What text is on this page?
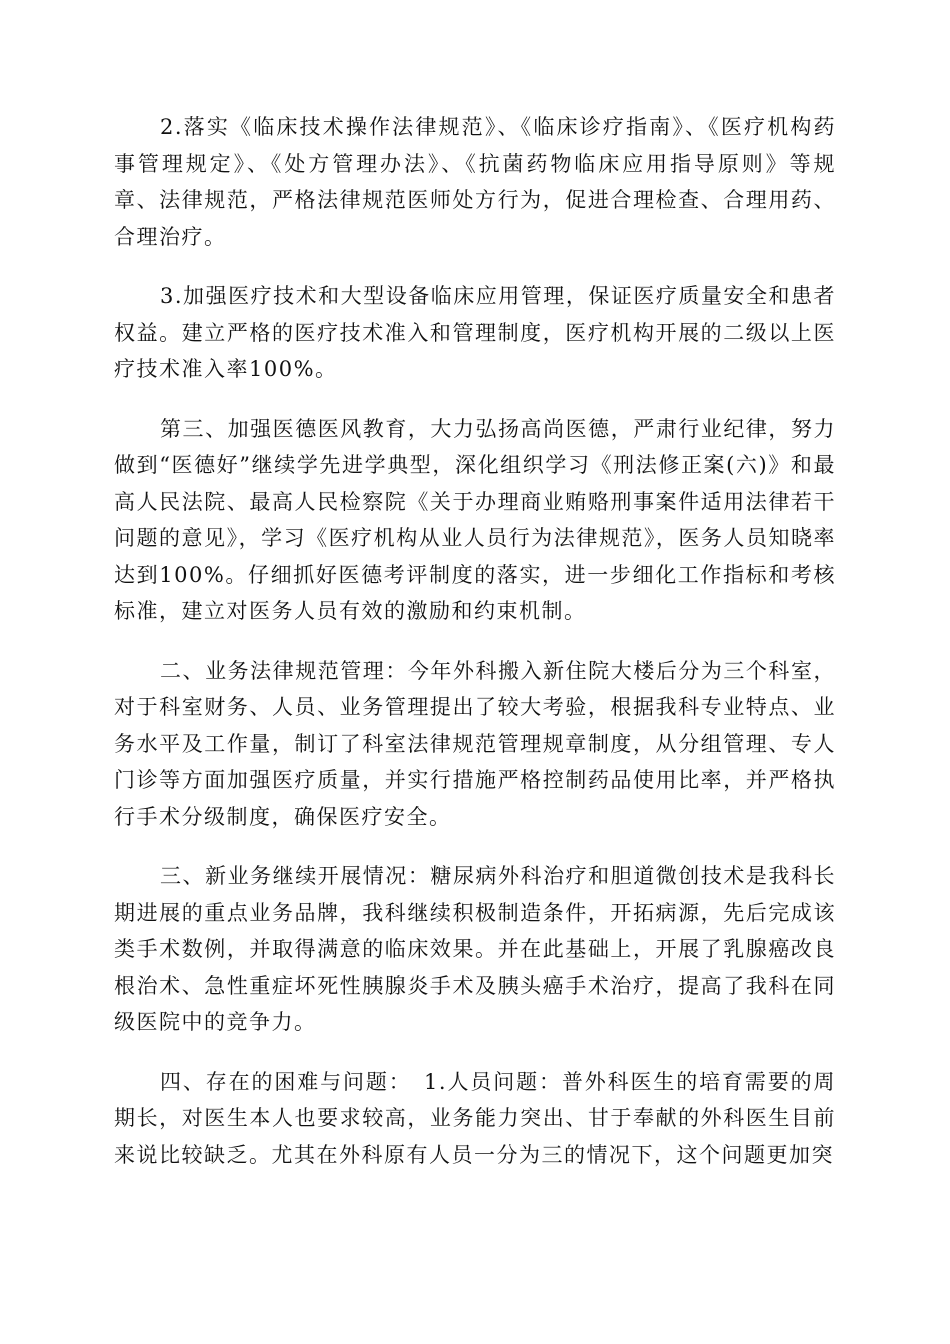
2.落实《临床技术操作法律规范》、《临床诊疗指南》、《医疗机构药事管理规定》、《处方管理办法》、《抗菌药物临床应用指导原则》等规章、法律规范，严格法律规范医师处方行为，促进合理检查、合理用药、合理治疗。

3.加强医疗技术和大型设备临床应用管理，保证医疗质量安全和患者权益。建立严格的医疗技术准入和管理制度，医疗机构开展的二级以上医疗技术准入率100%。

第三、加强医德医风教育，大力弘扬高尚医德，严肃行业纪律，努力做到“医德好”继续学先进学典型，深化组织学习《刑法修正案(六)》和最高人民法院、最高人民检察院《关于办理商业贿赂刑事案件适用法律若干问题的意见》，学习《医疗机构从业人员行为法律规范》，医务人员知晓率达到100%。仔细抓好医德考评制度的落实，进一步细化工作指标和考核标准，建立对医务人员有效的激励和约束机制。

二、业务法律规范管理：今年外科搬入新住院大楼后分为三个科室，对于科室财务、人员、业务管理提出了较大考验，根据我科专业特点、业务水平及工作量，制订了科室法律规范管理规章制度，从分组管理、专人门诊等方面加强医疗质量，并实行措施严格控制药品使用比率，并严格执行手术分级制度，确保医疗安全。

三、新业务继续开展情况：糖尿病外科治疗和胆道微创技术是我科长期进展的重点业务品牌，我科继续积极制造条件，开拓病源，先后完成该类手术数例，并取得满意的临床效果。并在此基础上，开展了乳腺癌改良根治术、急性重症坏死性胰腺炎手术及胰头癌手术治疗，提高了我科在同级医院中的竞争力。

四、存在的困难与问题：　1.人员问题：普外科医生的培育需要的周期长，对医生本人也要求较高，业务能力突出、甘于奉献的外科医生目前来说比较缺乏。尤其在外科原有人员一分为三的情况下，这个问题更加突
